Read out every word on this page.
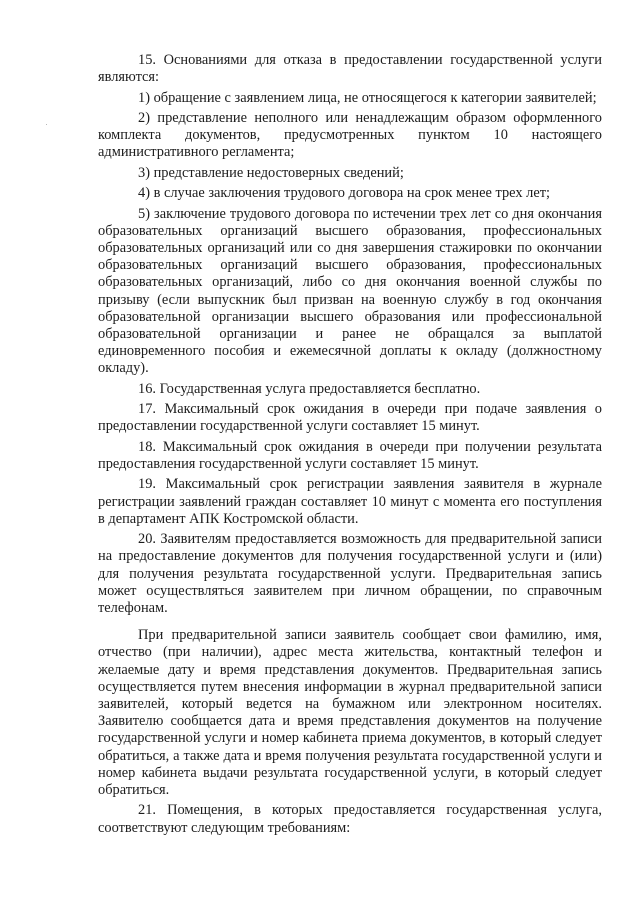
15. Основаниями для отказа в предоставлении государственной услуги являются:

1) обращение с заявлением лица, не относящегося к категории заявителей;

2) представление неполного или ненадлежащим образом оформленного комплекта документов, предусмотренных пунктом 10 настоящего административного регламента;

3) представление недостоверных сведений;

4) в случае заключения трудового договора на срок менее трех лет;

5) заключение трудового договора по истечении трех лет со дня окончания образовательных организаций высшего образования, профессиональных образовательных организаций или со дня завершения стажировки по окончании образовательных организаций высшего образования, профессиональных образовательных организаций, либо со дня окончания военной службы по призыву (если выпускник был призван на военную службу в год окончания образовательной организации высшего образования или профессиональной образовательной организации и ранее не обращался за выплатой единовременного пособия и ежемесячной доплаты к окладу (должностному окладу).

16. Государственная услуга предоставляется бесплатно.

17. Максимальный срок ожидания в очереди при подаче заявления о предоставлении государственной услуги составляет 15 минут.

18. Максимальный срок ожидания в очереди при получении результата предоставления государственной услуги составляет 15 минут.

19. Максимальный срок регистрации заявления заявителя в журнале регистрации заявлений граждан составляет 10 минут с момента его поступления в департамент АПК Костромской области.

20. Заявителям предоставляется возможность для предварительной записи на предоставление документов для получения государственной услуги и (или) для получения результата государственной услуги. Предварительная запись может осуществляться заявителем при личном обращении, по справочным телефонам.

При предварительной записи заявитель сообщает свои фамилию, имя, отчество (при наличии), адрес места жительства, контактный телефон и желаемые дату и время представления документов. Предварительная запись осуществляется путем внесения информации в журнал предварительной записи заявителей, который ведется на бумажном или электронном носителях. Заявителю сообщается дата и время представления документов на получение государственной услуги и номер кабинета приема документов, в который следует обратиться, а также дата и время получения результата государственной услуги и номер кабинета выдачи результата государственной услуги, в который следует обратиться.

21. Помещения, в которых предоставляется государственная услуга, соответствуют следующим требованиям:
